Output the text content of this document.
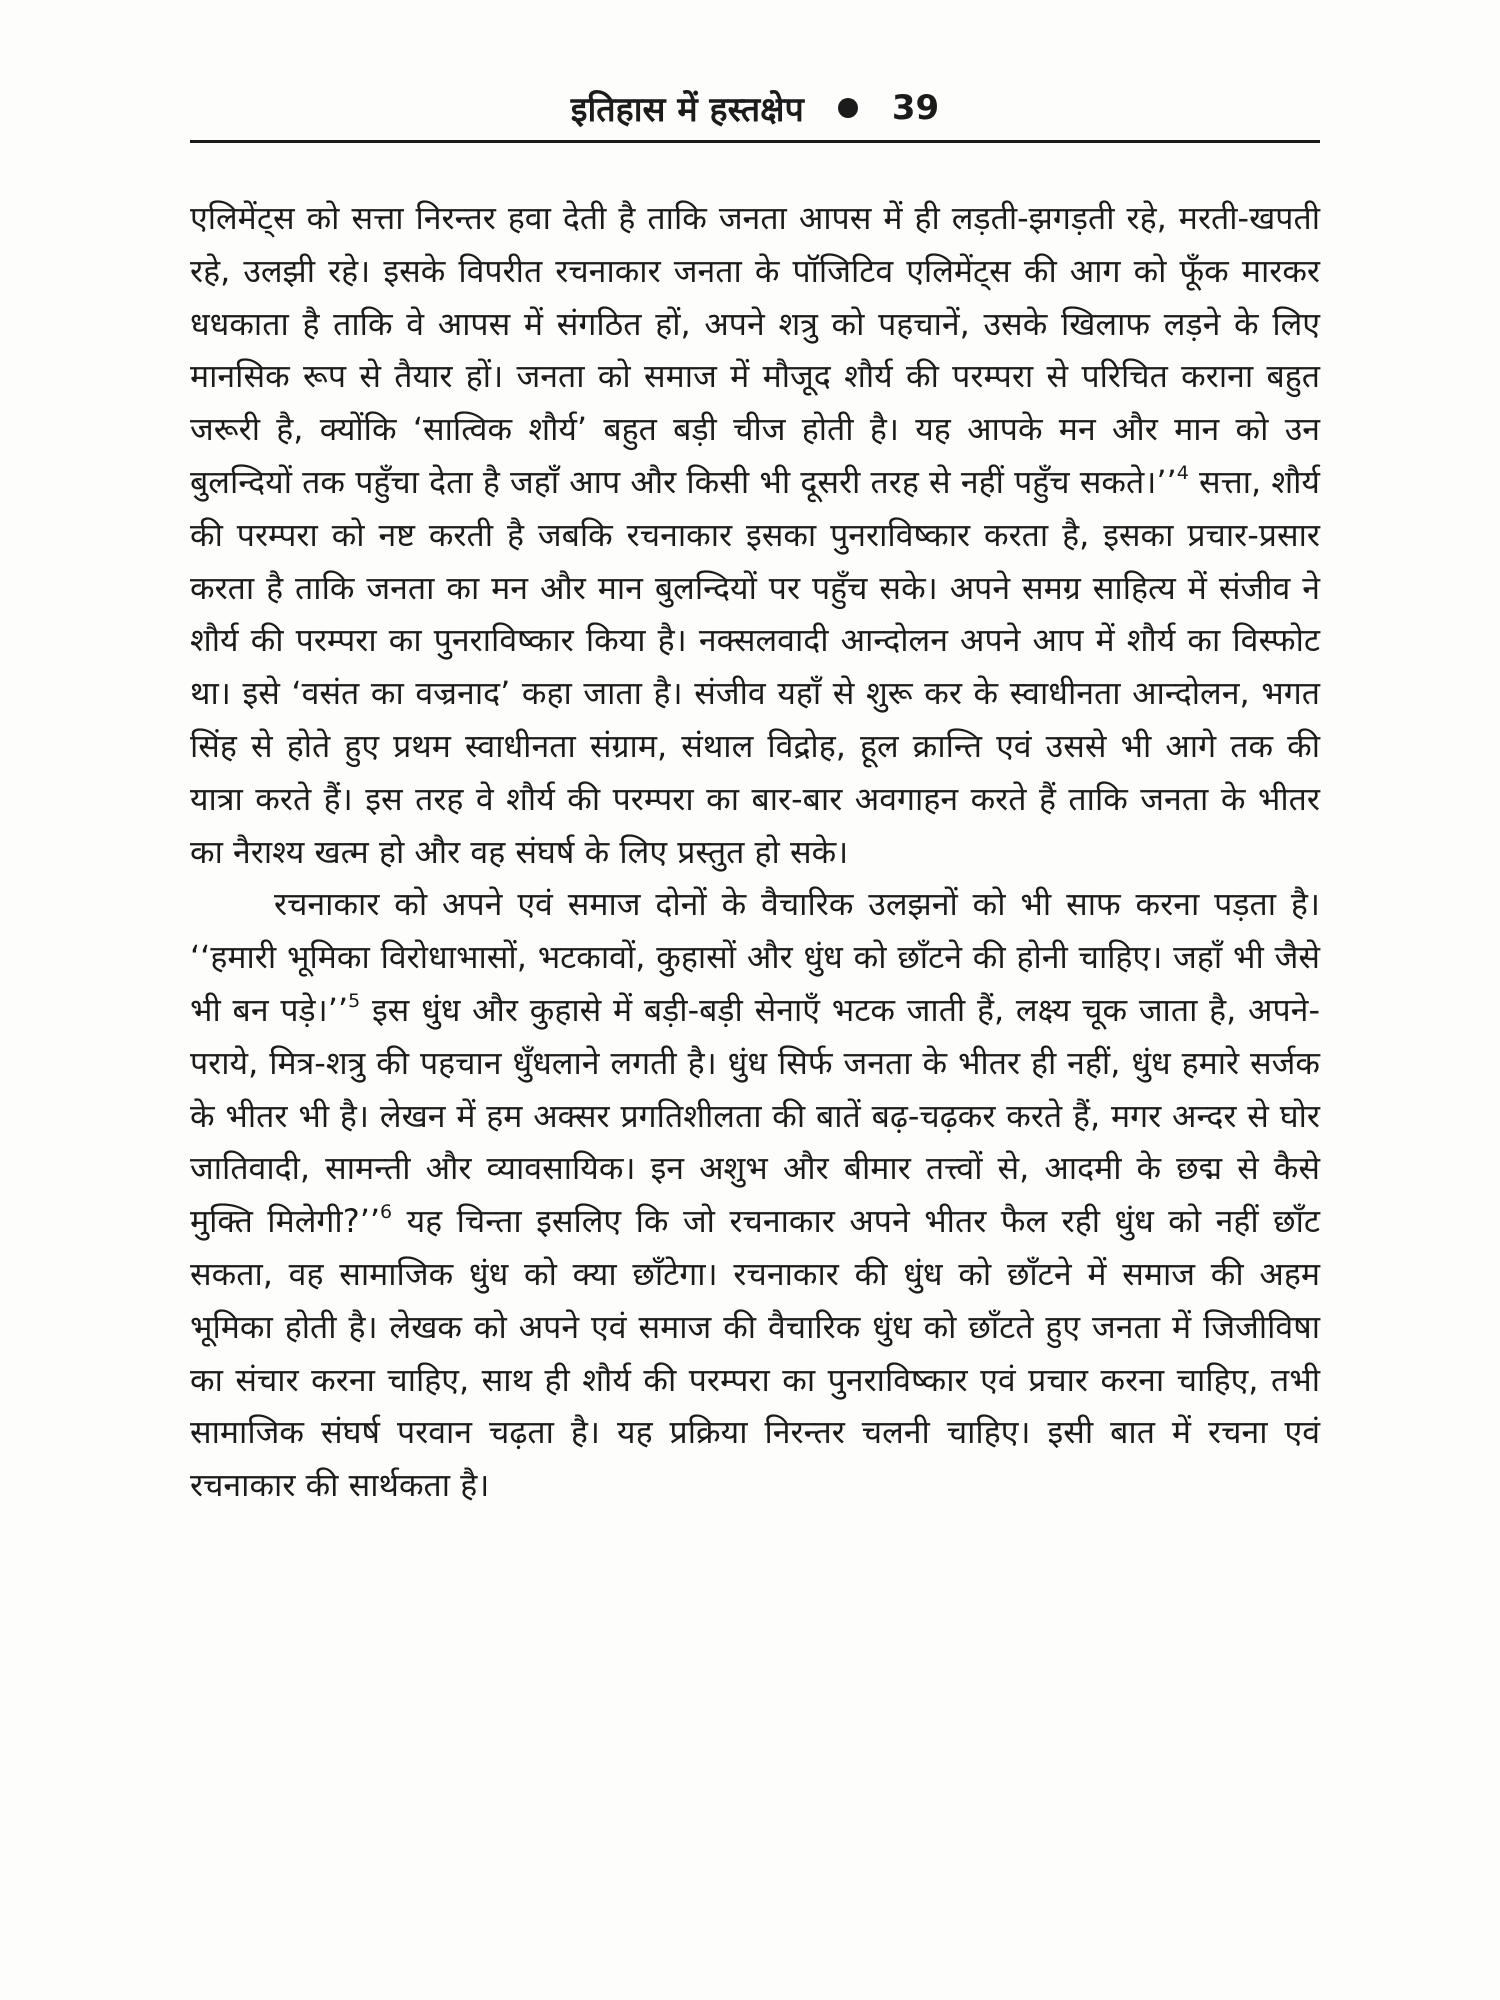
इतिहास में हस्तक्षेप	39

एलिमेंट्स को सत्ता निरन्तर हवा देती है ताकि जनता आपस में ही लड़ती-झगड़ती रहे, मरती-खपती रहे, उलझी रहे। इसके विपरीत रचनाकार जनता के पॉजिटिव एलिमेंट्स की आग को फूँक मारकर धधकाता है ताकि वे आपस में संगठित हों, अपने शत्रु को पहचानें, उसके खिलाफ लड़ने के लिए मानसिक रूप से तैयार हों। जनता को समाज में मौजूद शौर्य की परम्परा से परिचित कराना बहुत जरूरी है, क्योंकि ‘सात्विक शौर्य’ बहुत बड़ी चीज होती है। यह आपके मन और मान को उन बुलन्दियों तक पहुँचा देता है जहाँ आप और किसी भी दूसरी तरह से नहीं पहुँच सकते।’’$^4$ सत्ता, शौर्य की परम्परा को नष्ट करती है जबकि रचनाकार इसका पुनराविष्कार करता है, इसका प्रचार-प्रसार करता है ताकि जनता का मन और मान बुलन्दियों पर पहुँच सके। अपने समग्र साहित्य में संजीव ने शौर्य की परम्परा का पुनराविष्कार किया है। नक्सलवादी आन्दोलन अपने आप में शौर्य का विस्फोट था। इसे ‘वसंत का वज्रनाद’ कहा जाता है। संजीव यहाँ से शुरू कर के स्वाधीनता आन्दोलन, भगत सिंह से होते हुए प्रथम स्वाधीनता संग्राम, संथाल विद्रोह, हूल क्रान्ति एवं उससे भी आगे तक की यात्रा करते हैं। इस तरह वे शौर्य की परम्परा का बार-बार अवगाहन करते हैं ताकि जनता के भीतर का नैराश्य खत्म हो और वह संघर्ष के लिए प्रस्तुत हो सके।

रचनाकार को अपने एवं समाज दोनों के वैचारिक उलझनों को भी साफ करना पड़ता है। ‘‘हमारी भूमिका विरोधाभासों, भटकावों, कुहासों और धुंध को छाँटने की होनी चाहिए। जहाँ भी जैसे भी बन पड़े।’’$^5$ इस धुंध और कुहासे में बड़ी-बड़ी सेनाएँ भटक जाती हैं, लक्ष्य चूक जाता है, अपने-पराये, मित्र-शत्रु की पहचान धुँधलाने लगती है। धुंध सिर्फ जनता के भीतर ही नहीं, धुंध हमारे सर्जक के भीतर भी है। लेखन में हम अक्सर प्रगतिशीलता की बातें बढ़-चढ़कर करते हैं, मगर अन्दर से घोर जातिवादी, सामन्ती और व्यावसायिक। इन अशुभ और बीमार तत्त्वों से, आदमी के छद्म से कैसे मुक्ति मिलेगी?’’$^6$ यह चिन्ता इसलिए कि जो रचनाकार अपने भीतर फैल रही धुंध को नहीं छाँट सकता, वह सामाजिक धुंध को क्या छाँटेगा। रचनाकार की धुंध को छाँटने में समाज की अहम भूमिका होती है। लेखक को अपने एवं समाज की वैचारिक धुंध को छाँटते हुए जनता में जिजीविषा का संचार करना चाहिए, साथ ही शौर्य की परम्परा का पुनराविष्कार एवं प्रचार करना चाहिए, तभी सामाजिक संघर्ष परवान चढ़ता है। यह प्रक्रिया निरन्तर चलनी चाहिए। इसी बात में रचना एवं रचनाकार की सार्थकता है।
